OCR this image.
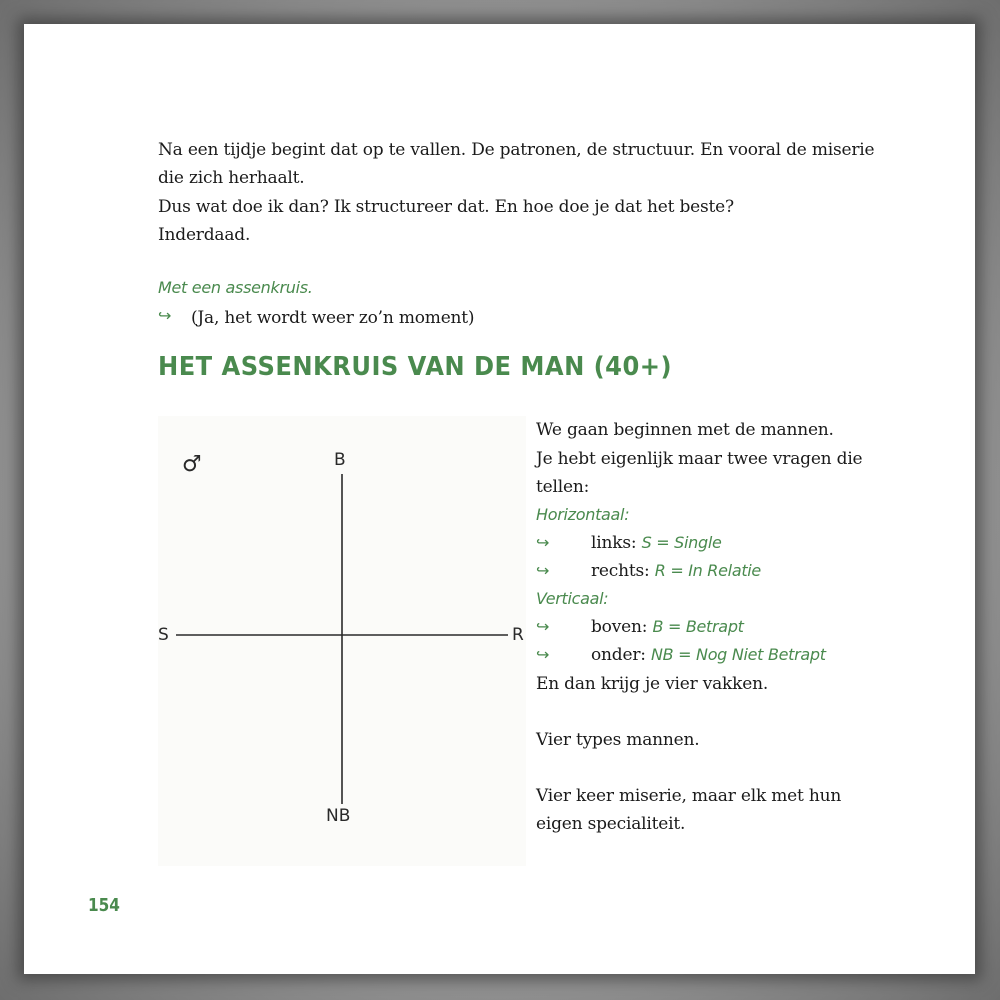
Na een tijdje begint dat op te vallen. De patronen, de structuur. En vooral de miserie
die zich herhaalt.
Dus wat doe ik dan? Ik structureer dat. En hoe doe je dat het beste?
Inderdaad.
Met een assenkruis.
↪ (Ja, het wordt weer zo’n moment)
HET ASSENKRUIS VAN DE MAN (40+)
♂	B
NB
S	R
We gaan beginnen met de mannen.
Je hebt eigenlijk maar twee vragen die
tellen:
Horizontaal:
↪ links: S = Single
↪ rechts: R = In Relatie
Verticaal:
↪ boven: B = Betrapt
↪ onder: NB = Nog Niet Betrapt
En dan krijg je vier vakken.
Vier types mannen.
Vier keer miserie, maar elk met hun
eigen specialiteit.
154
